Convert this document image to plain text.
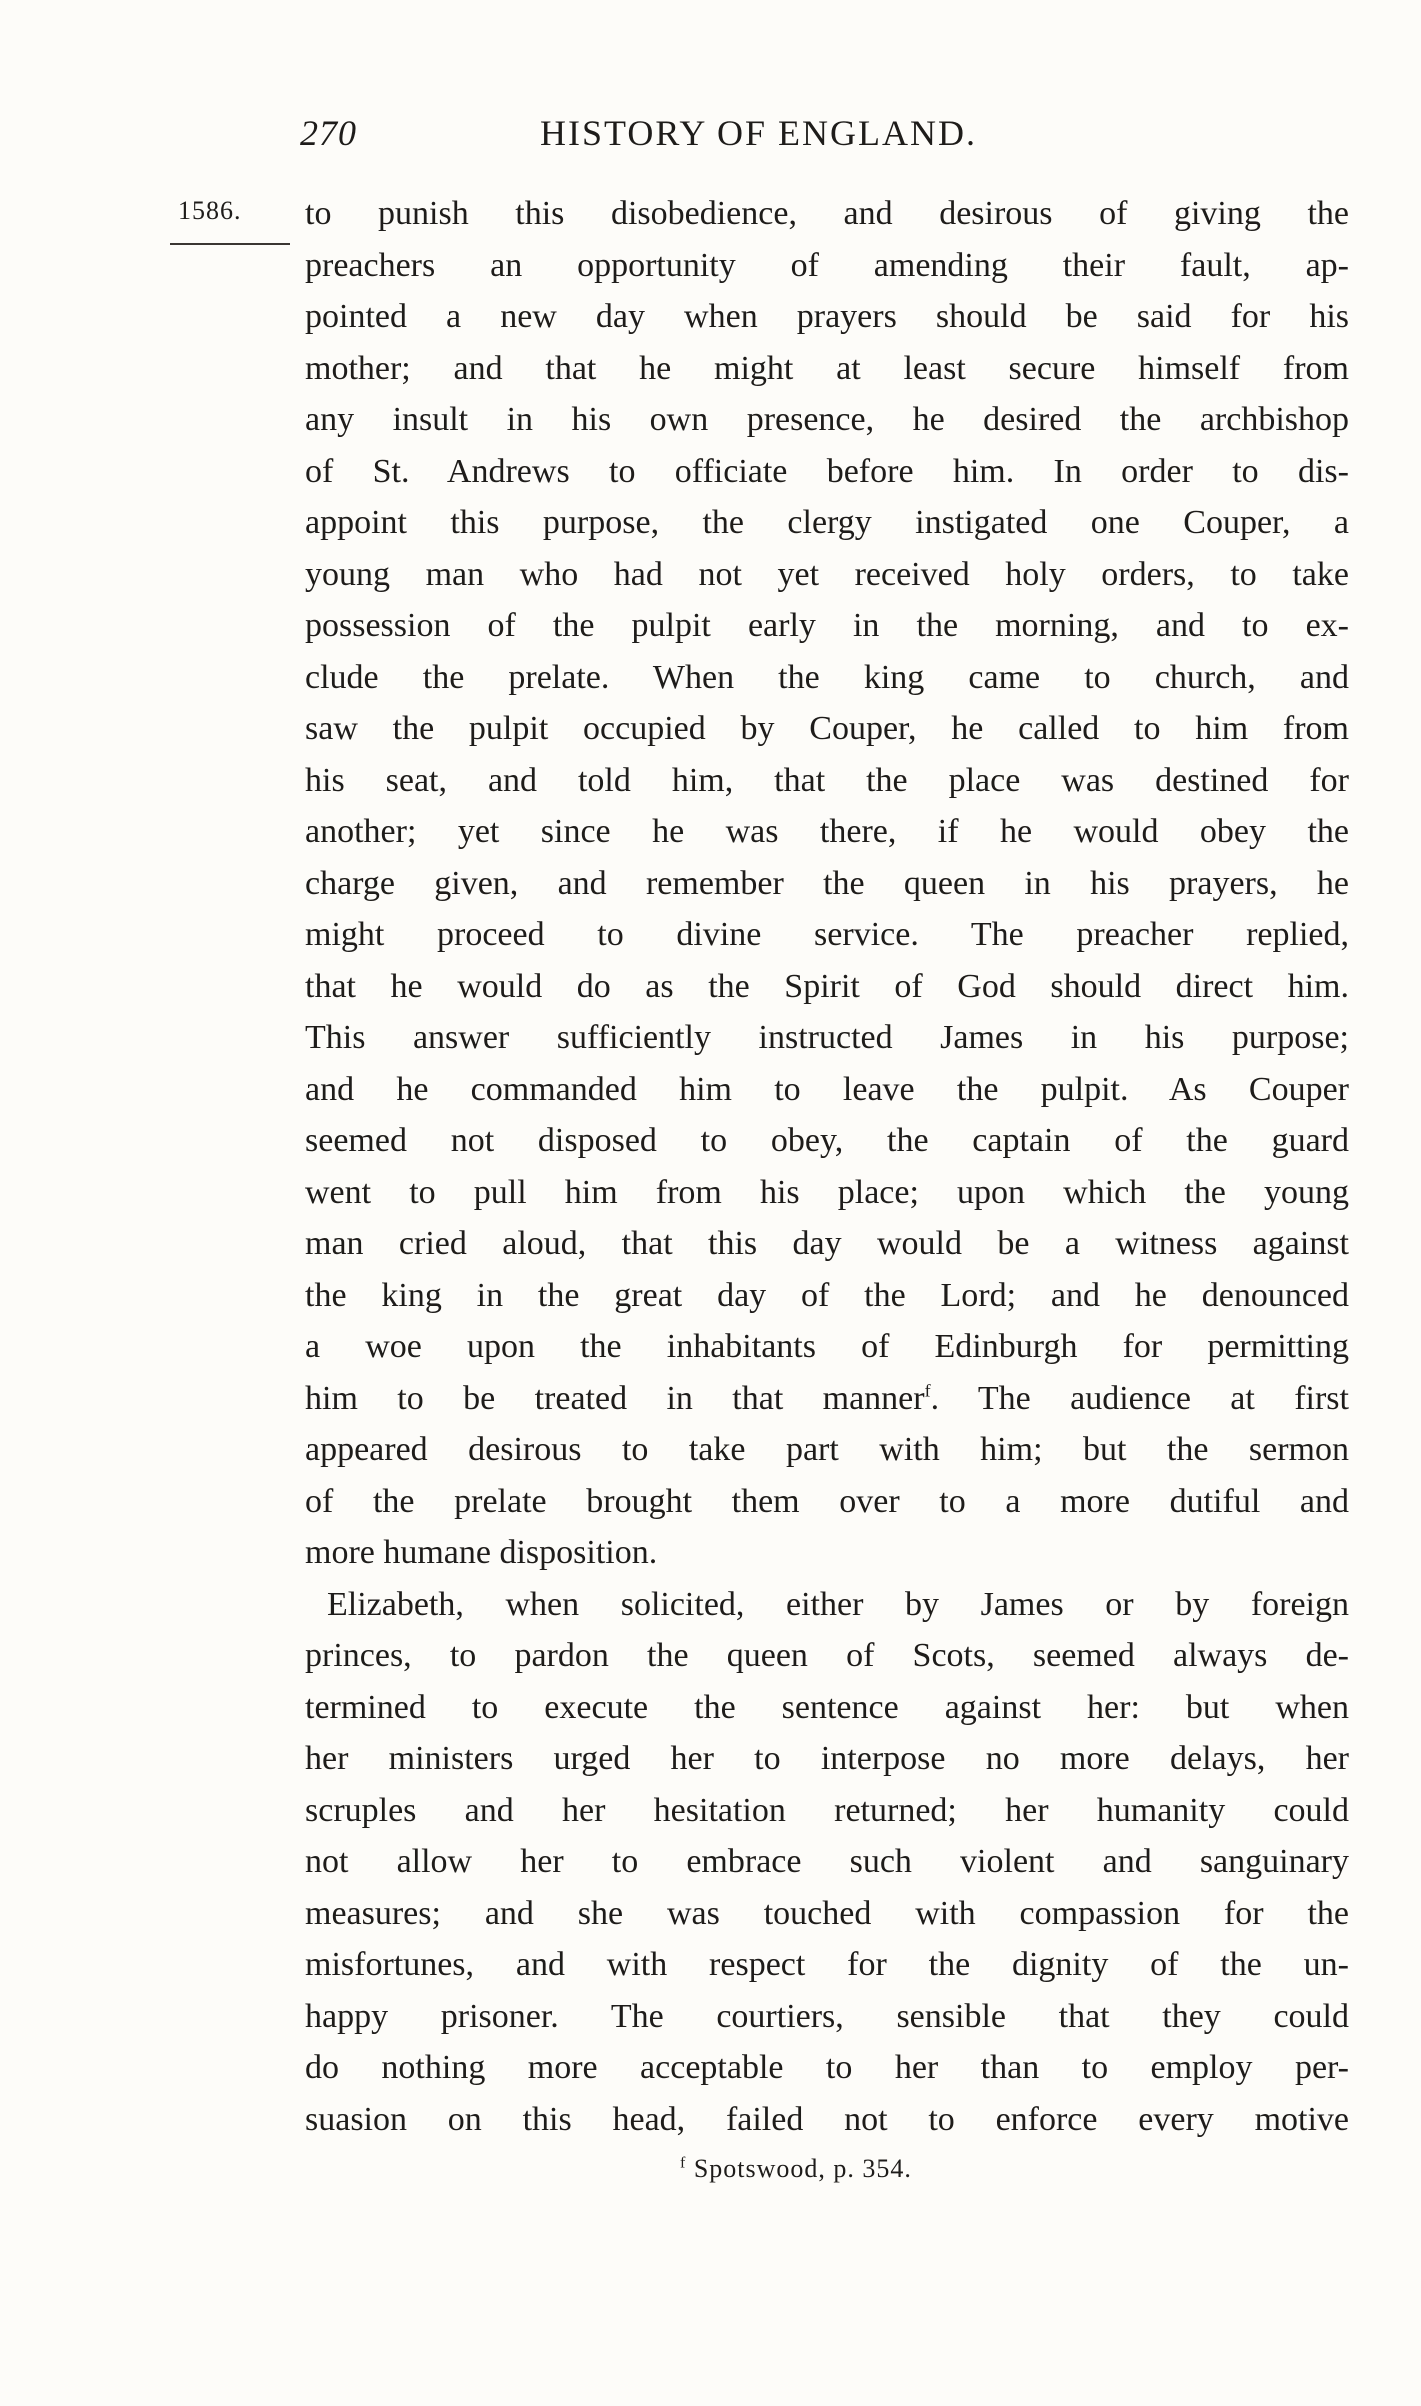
270	HISTORY OF ENGLAND.
1586. to punish this disobedience, and desirous of giving the
preachers an opportunity of amending their fault, ap-
pointed a new day when prayers should be said for his
mother; and that he might at least secure himself from
any insult in his own presence, he desired the archbishop
of St. Andrews to officiate before him. In order to dis-
appoint this purpose, the clergy instigated one Couper, a
young man who had not yet received holy orders, to take
possession of the pulpit early in the morning, and to ex-
clude the prelate. When the king came to church, and
saw the pulpit occupied by Couper, he called to him from
his seat, and told him, that the place was destined for
another; yet since he was there, if he would obey the
charge given, and remember the queen in his prayers, he
might proceed to divine service. The preacher replied,
that he would do as the Spirit of God should direct him.
This answer sufficiently instructed James in his purpose;
and he commanded him to leave the pulpit. As Couper
seemed not disposed to obey, the captain of the guard
went to pull him from his place; upon which the young
man cried aloud, that this day would be a witness against
the king in the great day of the Lord; and he denounced
a woe upon the inhabitants of Edinburgh for permitting
him to be treated in that manner$^f$. The audience at first
appeared desirous to take part with him; but the sermon
of the prelate brought them over to a more dutiful and
more humane disposition.
Elizabeth, when solicited, either by James or by foreign
princes, to pardon the queen of Scots, seemed always de-
termined to execute the sentence against her: but when
her ministers urged her to interpose no more delays, her
scruples and her hesitation returned; her humanity could
not allow her to embrace such violent and sanguinary
measures; and she was touched with compassion for the
misfortunes, and with respect for the dignity of the un-
happy prisoner. The courtiers, sensible that they could
do nothing more acceptable to her than to employ per-
suasion on this head, failed not to enforce every motive
$^f$ Spotswood, p. 354.
